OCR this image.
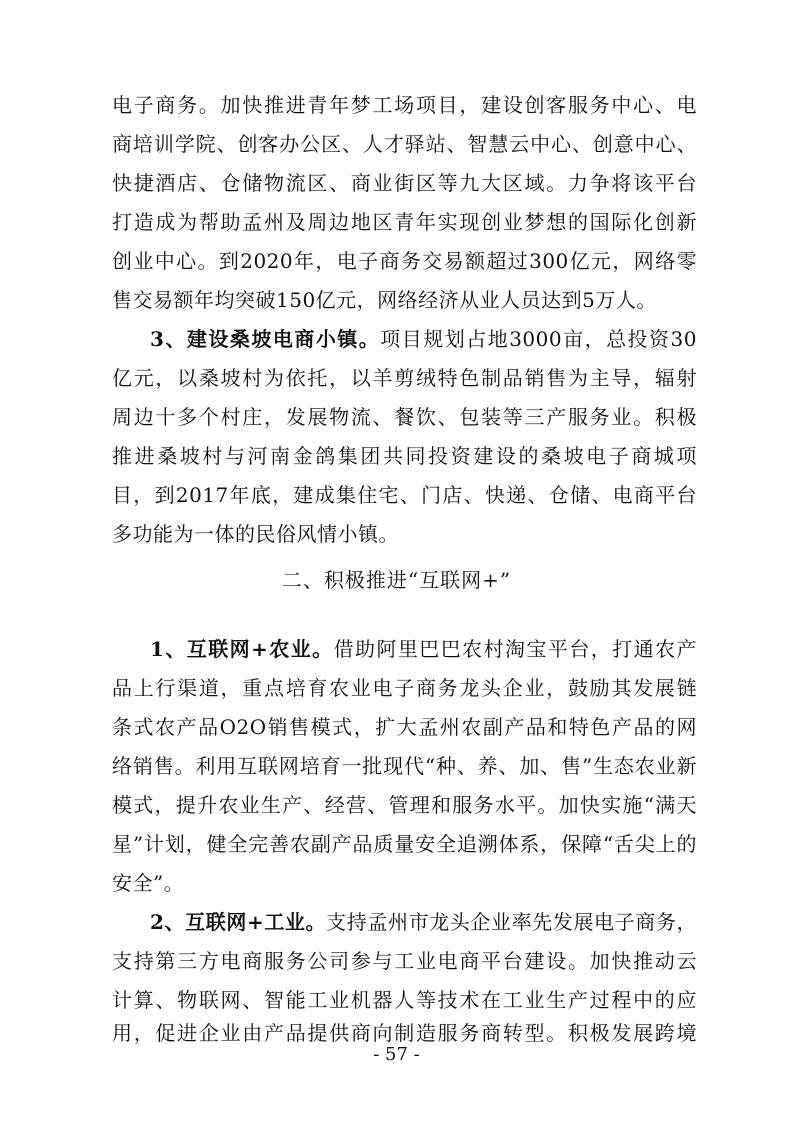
电子商务。加快推进青年梦工场项目，建设创客服务中心、电
商培训学院、创客办公区、人才驿站、智慧云中心、创意中心、
快捷酒店、仓储物流区、商业街区等九大区域。力争将该平台
打造成为帮助孟州及周边地区青年实现创业梦想的国际化创新
创业中心。到2020年，电子商务交易额超过300亿元，网络零
售交易额年均突破150亿元，网络经济从业人员达到5万人。
3、建设桑坡电商小镇。项目规划占地3000亩，总投资30
亿元，以桑坡村为依托，以羊剪绒特色制品销售为主导，辐射
周边十多个村庄，发展物流、餐饮、包装等三产服务业。积极
推进桑坡村与河南金鸽集团共同投资建设的桑坡电子商城项
目，到2017年底，建成集住宅、门店、快递、仓储、电商平台
多功能为一体的民俗风情小镇。
二、积极推进“互联网+”
1、互联网+农业。借助阿里巴巴农村淘宝平台，打通农产
品上行渠道，重点培育农业电子商务龙头企业，鼓励其发展链
条式农产品O2O销售模式，扩大孟州农副产品和特色产品的网
络销售。利用互联网培育一批现代“种、养、加、售”生态农业新
模式，提升农业生产、经营、管理和服务水平。加快实施“满天
星”计划，健全完善农副产品质量安全追溯体系，保障“舌尖上的
安全”。
2、互联网+工业。支持孟州市龙头企业率先发展电子商务，
支持第三方电商服务公司参与工业电商平台建设。加快推动云
计算、物联网、智能工业机器人等技术在工业生产过程中的应
用，促进企业由产品提供商向制造服务商转型。积极发展跨境
- 57 -
